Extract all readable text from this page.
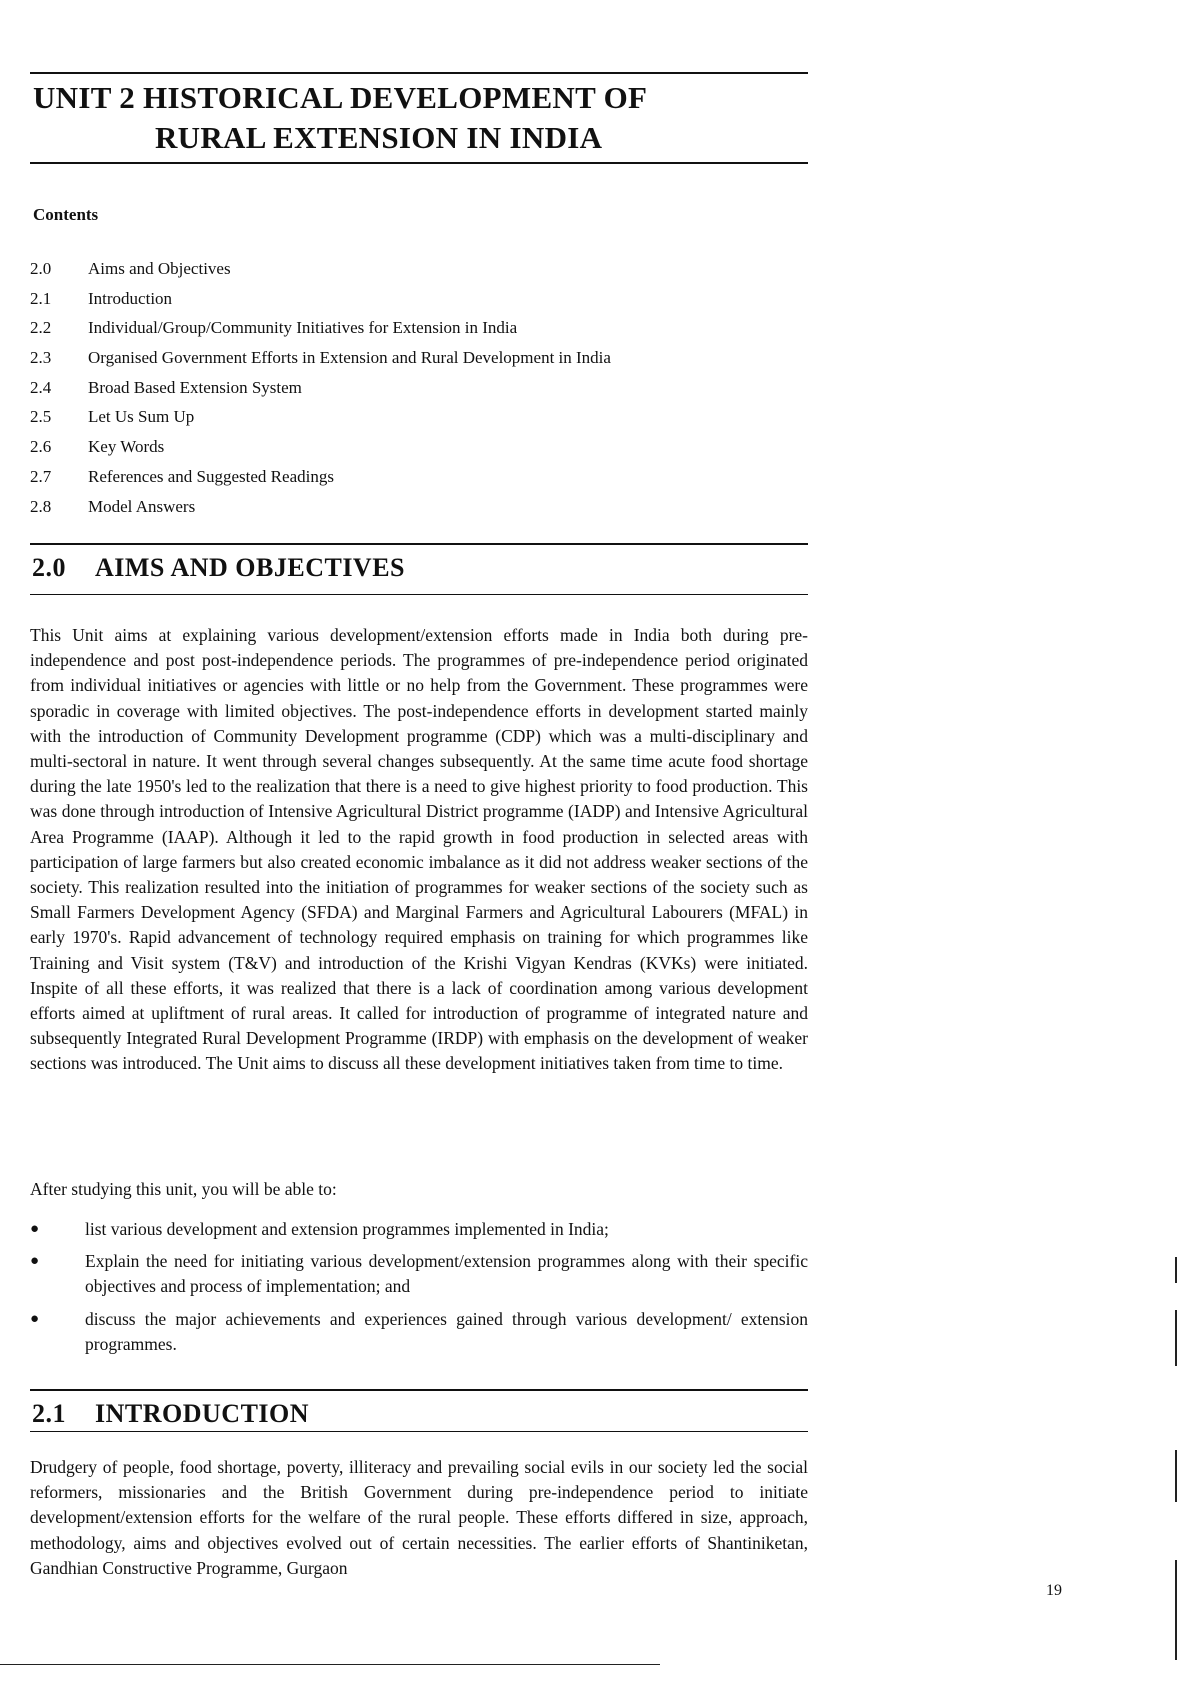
UNIT 2 HISTORICAL DEVELOPMENT OF
RURAL EXTENSION IN INDIA
Contents
2.0 Aims and Objectives
2.1 Introduction
2.2 Individual/Group/Community Initiatives for Extension in India
2.3 Organised Government Efforts in Extension and Rural Development in India
2.4 Broad Based Extension System
2.5 Let Us Sum Up
2.6 Key Words
2.7 References and Suggested Readings
2.8 Model Answers
2.0 AIMS AND OBJECTIVES

This Unit aims at explaining various development/extension efforts made in India both during pre-independence and post post-independence periods. The programmes of pre-independence period originated from individual initiatives or agencies with little or no help from the Government. These programmes were sporadic in coverage with limited objectives. The post-independence efforts in development started mainly with the introduction of Community Development programme (CDP) which was a multi-disciplinary and multi-sectoral in nature. It went through several changes subsequently. At the same time acute food shortage during the late 1950's led to the realization that there is a need to give highest priority to food production. This was done through introduction of Intensive Agricultural District programme (IADP) and Intensive Agricultural Area Programme (IAAP). Although it led to the rapid growth in food production in selected areas with participation of large farmers but also created economic imbalance as it did not address weaker sections of the society. This realization resulted into the initiation of programmes for weaker sections of the society such as Small Farmers Development Agency (SFDA) and Marginal Farmers and Agricultural Labourers (MFAL) in early 1970's. Rapid advancement of technology required emphasis on training for which programmes like Training and Visit system (T&V) and introduction of the Krishi Vigyan Kendras (KVKs) were initiated. Inspite of all these efforts, it was realized that there is a lack of coordination among various development efforts aimed at upliftment of rural areas. It called for introduction of programme of integrated nature and subsequently Integrated Rural Development Programme (IRDP) with emphasis on the development of weaker sections was introduced. The Unit aims to discuss all these development initiatives taken from time to time.

After studying this unit, you will be able to:

●	list various development and extension programmes implemented in India;
●	Explain the need for initiating various development/extension programmes along with their specific objectives and process of implementation; and
●	discuss the major achievements and experiences gained through various development/ extension programmes.
2.1 INTRODUCTION

Drudgery of people, food shortage, poverty, illiteracy and prevailing social evils in our society led the social reformers, missionaries and the British Government during pre-independence period to initiate development/extension efforts for the welfare of the rural people. These efforts differed in size, approach, methodology, aims and objectives evolved out of certain necessities. The earlier efforts of Shantiniketan, Gandhian Constructive Programme, Gurgaon

19
